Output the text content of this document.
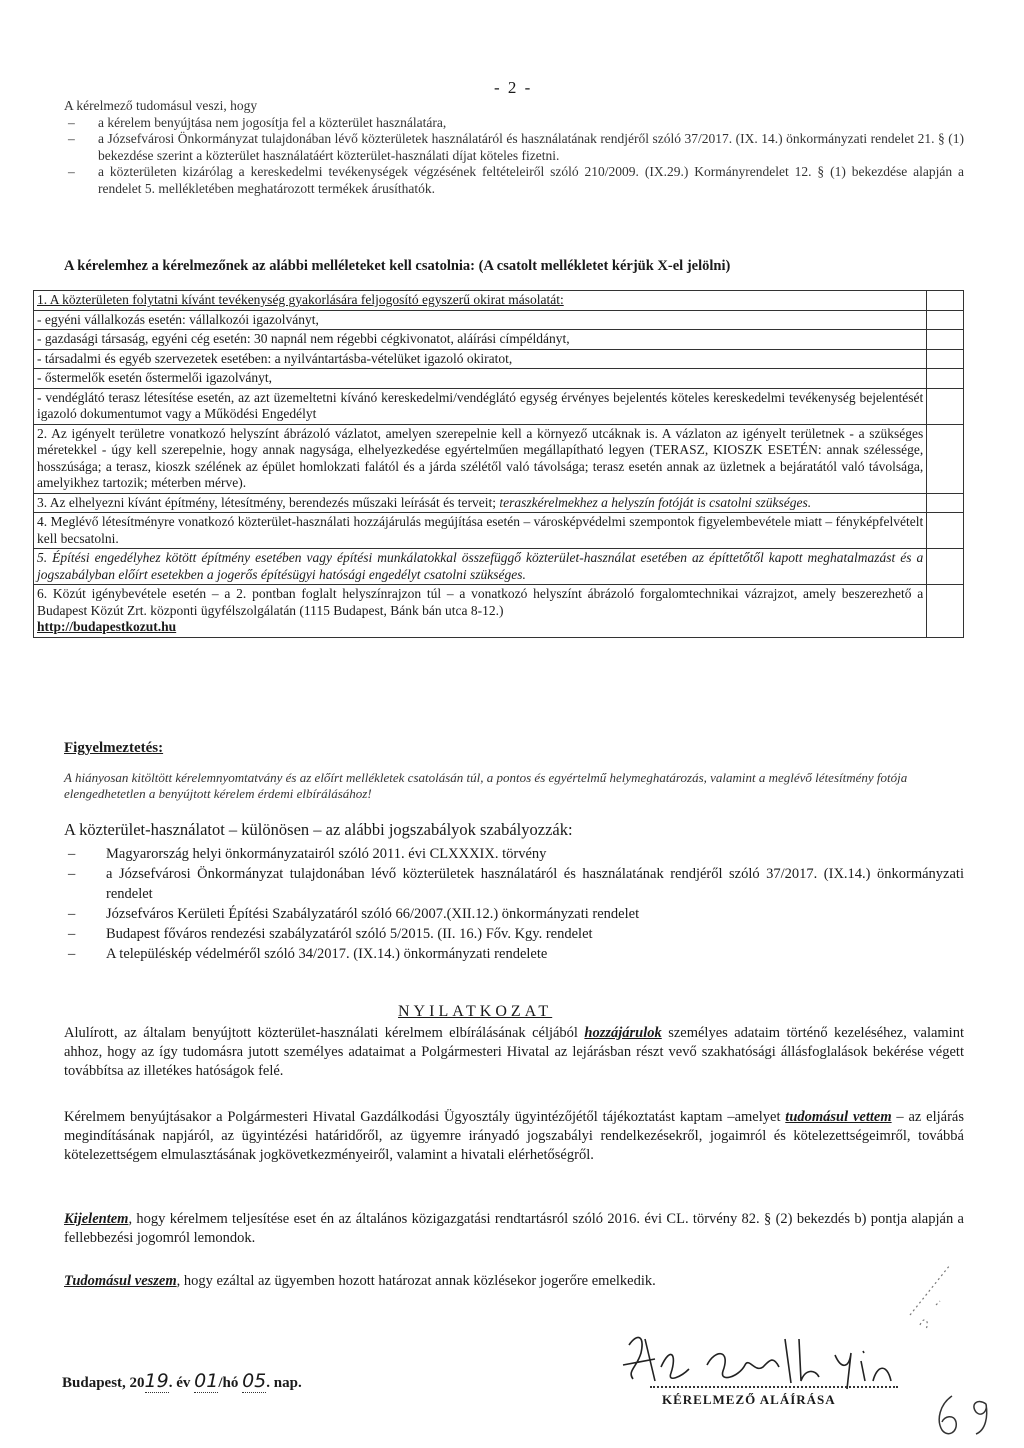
- 2 -
A kérelmező tudomásul veszi, hogy
–	a kérelem benyújtása nem jogosítja fel a közterület használatára,
–	a Józsefvárosi Önkormányzat tulajdonában lévő közterületek használatáról és használatának rendjéről szóló 37/2017. (IX. 14.) önkormányzati rendelet 21. § (1) bekezdése szerint a közterület használatáért közterület-használati díjat köteles fizetni.
–	a közterületen kizárólag a kereskedelmi tevékenységek végzésének feltételeiről szóló 210/2009. (IX.29.) Kormányrendelet 12. § (1) bekezdése alapján a rendelet 5. mellékletében meghatározott termékek árusíthatók.
A kérelemhez a kérelmezőnek az alábbi melléleteket kell csatolnia: (A csatolt mellékletet kérjük X-el jelölni)
1. A közterületen folytatni kívánt tevékenység gyakorlására feljogosító egyszerű okirat másolatát:	
- egyéni vállalkozás esetén: vállalkozói igazolványt,	
- gazdasági társaság, egyéni cég esetén: 30 napnál nem régebbi cégkivonatot, aláírási címpéldányt,	
- társadalmi és egyéb szervezetek esetében: a nyilvántartásba-vételüket igazoló okiratot,	
- őstermelők esetén őstermelői igazolványt,	
- vendéglátó terasz létesítése esetén, az azt üzemeltetni kívánó kereskedelmi/vendéglátó egység érvényes bejelentés köteles kereskedelmi tevékenység bejelentését igazoló dokumentumot vagy a Működési Engedélyt	
2. Az igényelt területre vonatkozó helyszínt ábrázoló vázlatot, amelyen szerepelnie kell a környező utcáknak is. A vázlaton az igényelt területnek - a szükséges méretekkel - úgy kell szerepelnie, hogy annak nagysága, elhelyezkedése egyértelműen megállapítható legyen (TERASZ, KIOSZK ESETÉN: annak szélessége, hosszúsága; a terasz, kioszk szélének az épület homlokzati falától és a járda szélétől való távolsága; terasz esetén annak az üzletnek a bejáratától való távolsága, amelyikhez tartozik; méterben mérve).	
3. Az elhelyezni kívánt építmény, létesítmény, berendezés műszaki leírását és terveit; teraszkérelmekhez a helyszín fotóját is csatolni szükséges.	
4. Meglévő létesítményre vonatkozó közterület-használati hozzájárulás megújítása esetén – városképvédelmi szempontok figyelembevétele miatt – fényképfelvételt kell becsatolni.	
5. Építési engedélyhez kötött építmény esetében vagy építési munkálatokkal összefüggő közterület-használat esetében az építtetőtől kapott meghatalmazást és a jogszabályban előírt esetekben a jogerős építésügyi hatósági engedélyt csatolni szükséges.	
6. Közút igénybevétele esetén – a 2. pontban foglalt helyszínrajzon túl – a vonatkozó helyszínt ábrázoló forgalomtechnikai vázrajzot, amely beszerezhető a Budapest Közút Zrt. központi ügyfélszolgálatán (1115 Budapest, Bánk bán utca 8-12.)
http://budapestkozut.hu	
Figyelmeztetés:
A hiányosan kitöltött kérelemnyomtatvány és az előírt mellékletek csatolásán túl, a pontos és egyértelmű helymeghatározás, valamint a meglévő létesítmény fotója elengedhetetlen a benyújtott kérelem érdemi elbírálásához!
A közterület-használatot – különösen – az alábbi jogszabályok szabályozzák:
–	Magyarország helyi önkormányzatairól szóló 2011. évi CLXXXIX. törvény
–	a Józsefvárosi Önkormányzat tulajdonában lévő közterületek használatáról és használatának rendjéről szóló 37/2017. (IX.14.) önkormányzati rendelet
–	Józsefváros Kerületi Építési Szabályzatáról szóló 66/2007.(XII.12.) önkormányzati rendelet
–	Budapest főváros rendezési szabályzatáról szóló 5/2015. (II. 16.) Főv. Kgy. rendelet
–	A településkép védelméről szóló 34/2017. (IX.14.) önkormányzati rendelete
NYILATKOZAT
Alulírott, az általam benyújtott közterület-használati kérelmem elbírálásának céljából hozzájárulok személyes adataim történő kezeléséhez, valamint ahhoz, hogy az így tudomásra jutott személyes adataimat a Polgármesteri Hivatal az lejárásban részt vevő szakhatósági állásfoglalások bekérése végett továbbítsa az illetékes hatóságok felé.
Kérelmem benyújtásakor a Polgármesteri Hivatal Gazdálkodási Ügyosztály ügyintézőjétől tájékoztatást kaptam –amelyet tudomásul vettem – az eljárás megindításának napjáról, az ügyintézési határidőről, az ügyemre irányadó jogszabályi rendelkezésekről, jogaimról és kötelezettségeimről, továbbá kötelezettségem elmulasztásának jogkövetkezményeiről, valamint a hivatali elérhetőségről.
Kijelentem, hogy kérelmem teljesítése eset én az általános közigazgatási rendtartásról szóló 2016. évi CL. törvény 82. § (2) bekezdés b) pontja alapján a fellebbezési jogomról lemondok.
Tudomásul veszem, hogy ezáltal az ügyemben hozott határozat annak közlésekor jogerőre emelkedik.
Budapest, 2019. év 01/hó 05. nap.
KÉRELMEZŐ ALÁÍRÁSA
